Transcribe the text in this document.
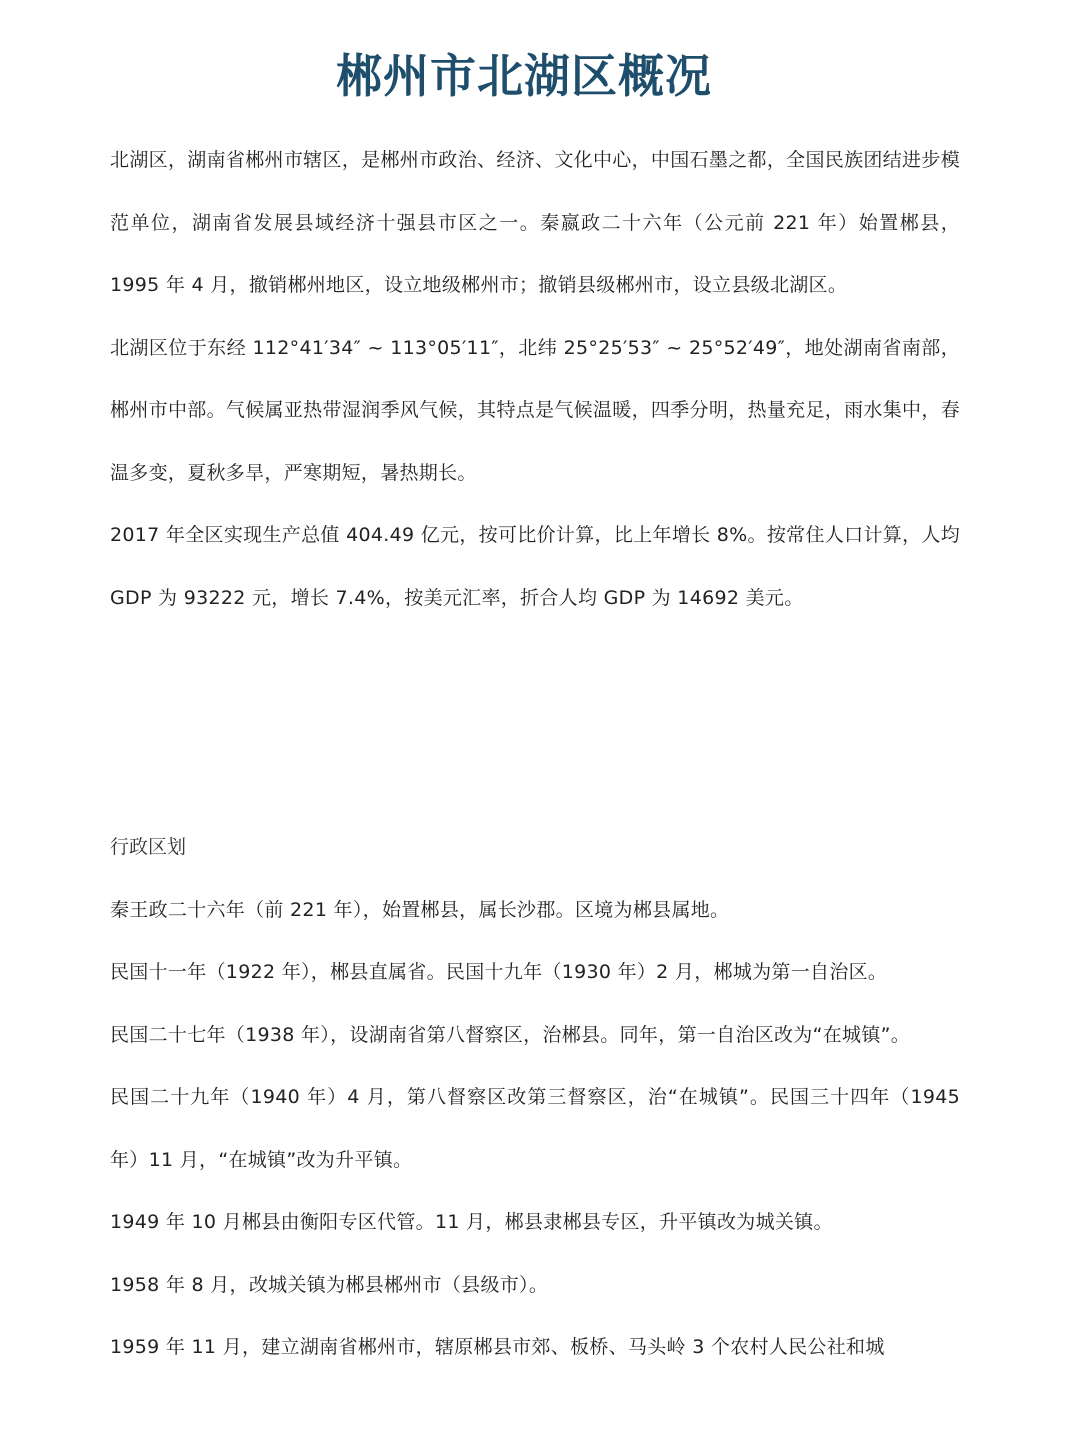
郴州市北湖区概况

北湖区，湖南省郴州市辖区，是郴州市政治、经济、文化中心，中国石墨之都，全国民族团结进步模范单位，湖南省发展县域经济十强县市区之一。秦嬴政二十六年（公元前 221 年）始置郴县，1995 年 4 月，撤销郴州地区，设立地级郴州市；撤销县级郴州市，设立县级北湖区。

北湖区位于东经 112°41′34″ ~ 113°05′11″，北纬 25°25′53″ ~ 25°52′49″，地处湖南省南部，郴州市中部。气候属亚热带湿润季风气候，其特点是气候温暖，四季分明，热量充足，雨水集中，春温多变，夏秋多旱，严寒期短，暑热期长。

2017 年全区实现生产总值 404.49 亿元，按可比价计算，比上年增长 8%。按常住人口计算，人均 GDP 为 93222 元，增长 7.4%，按美元汇率，折合人均 GDP 为 14692 美元。

行政区划

秦王政二十六年（前 221 年），始置郴县，属长沙郡。区境为郴县属地。

民国十一年（1922 年），郴县直属省。民国十九年（1930 年）2 月，郴城为第一自治区。

民国二十七年（1938 年），设湖南省第八督察区，治郴县。同年，第一自治区改为“在城镇”。

民国二十九年（1940 年）4 月，第八督察区改第三督察区，治“在城镇”。民国三十四年（1945 年）11 月，“在城镇”改为升平镇。

1949 年 10 月郴县由衡阳专区代管。11 月，郴县隶郴县专区，升平镇改为城关镇。

1958 年 8 月，改城关镇为郴县郴州市（县级市）。

1959 年 11 月，建立湖南省郴州市，辖原郴县市郊、板桥、马头岭 3 个农村人民公社和城
